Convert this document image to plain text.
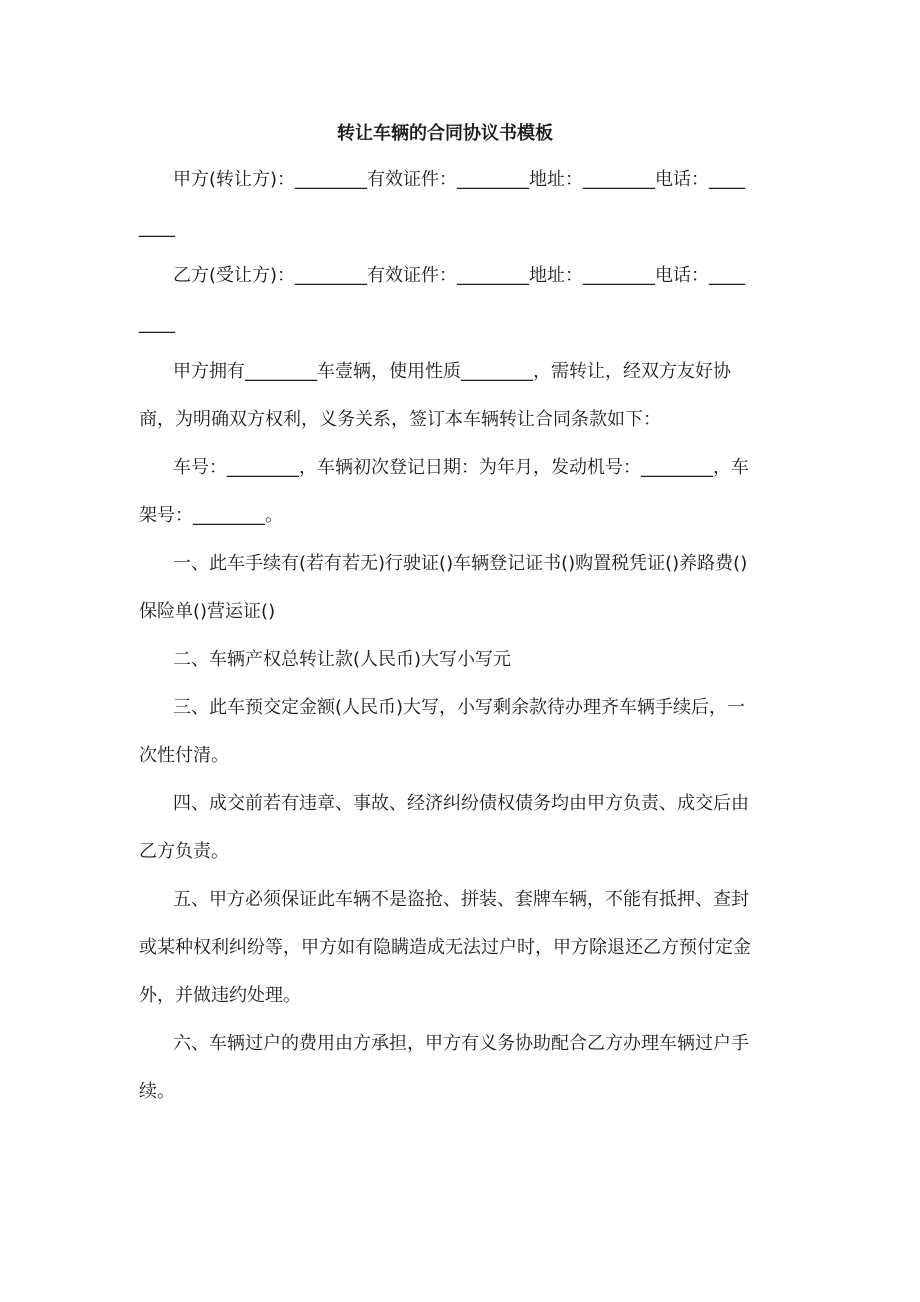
转让车辆的合同协议书模板

甲方(转让方)：________有效证件：________地址：________电话：________

乙方(受让方)：________有效证件：________地址：________电话：________

甲方拥有________车壹辆，使用性质________，需转让，经双方友好协商，为明确双方权利，义务关系，签订本车辆转让合同条款如下：

车号：________，车辆初次登记日期：为年月，发动机号：________，车架号：________。

一、此车手续有(若有若无)行驶证()车辆登记证书()购置税凭证()养路费()保险单()营运证()

二、车辆产权总转让款(人民币)大写小写元

三、此车预交定金额(人民币)大写，小写剩余款待办理齐车辆手续后，一次性付清。

四、成交前若有违章、事故、经济纠纷债权债务均由甲方负责、成交后由乙方负责。

五、甲方必须保证此车辆不是盗抢、拼装、套牌车辆，不能有抵押、查封或某种权利纠纷等，甲方如有隐瞒造成无法过户时，甲方除退还乙方预付定金外，并做违约处理。

六、车辆过户的费用由方承担，甲方有义务协助配合乙方办理车辆过户手续。
